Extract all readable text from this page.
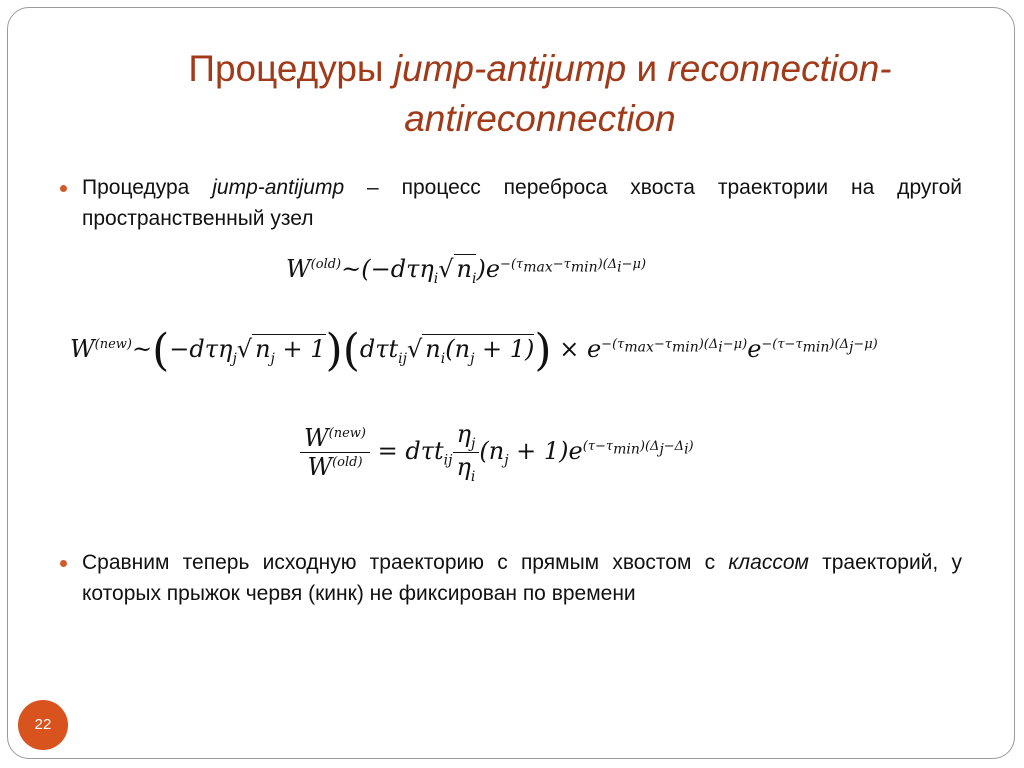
Процедуры jump-antijump и reconnection-antireconnection
Процедура jump-antijump – процесс переброса хвоста траектории на другой пространственный узел
$W^{(old)}\sim(-d\tau\eta_i√$ $n_i)e^{-(\tau_{max}-\tau_{min})(\Delta_i-\mu)}$
$W^{(new)}\sim(-d\tau\eta_j√$ $n_j + 1)(d\tau t_{ij}√$ $n_i(n_j + 1)) \times e^{-(\tau_{max}-\tau_{min})(\Delta_i-\mu)}e^{-(\tau-\tau_{min})(\Delta_j-\mu)}$
$\frac{W^{(new)}}{W^{(old)}} = d\tau t_{ij} \frac{\eta_j}{\eta_i} (n_j + 1)e^{(\tau-\tau_{min})(\Delta_j-\Delta_i)}$
Сравним теперь исходную траекторию с прямым хвостом с классом траекторий, у которых прыжок червя (кинк) не фиксирован по времени
22
